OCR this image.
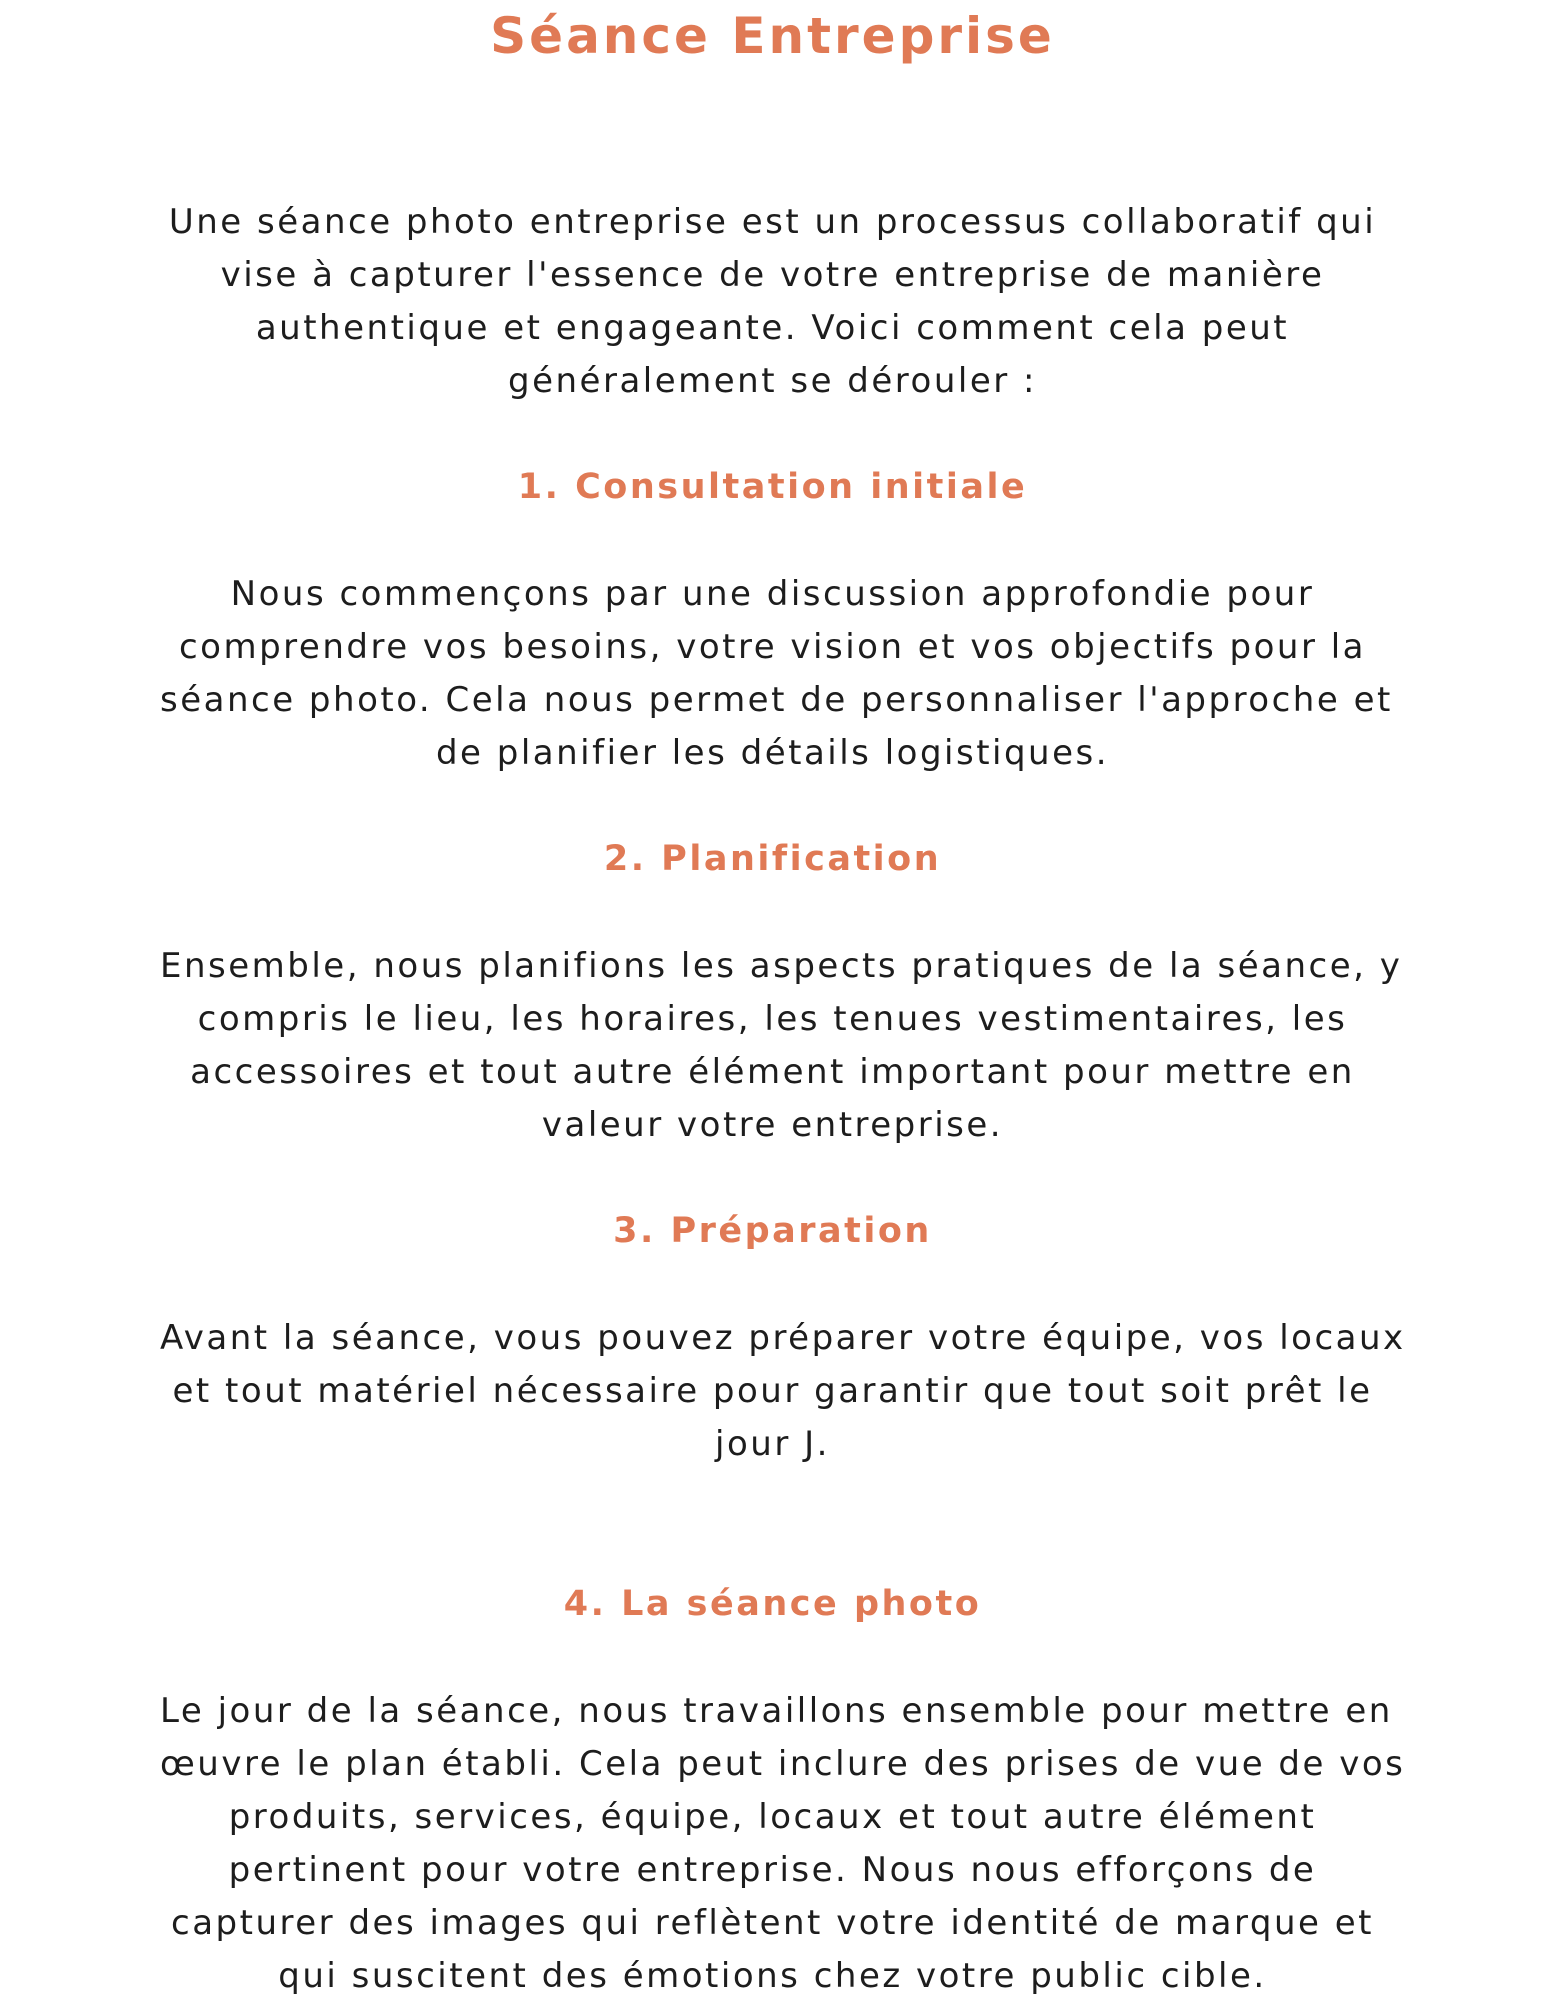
Séance Entreprise

Une séance photo entreprise est un processus collaboratif qui
vise à capturer l'essence de votre entreprise de manière
authentique et engageante. Voici comment cela peut
généralement se dérouler :

1. Consultation initiale

Nous commençons par une discussion approfondie pour
comprendre vos besoins, votre vision et vos objectifs pour la
séance photo. Cela nous permet de personnaliser l'approche et
de planifier les détails logistiques.

2. Planification

Ensemble, nous planifions les aspects pratiques de la séance, y
compris le lieu, les horaires, les tenues vestimentaires, les
accessoires et tout autre élément important pour mettre en
valeur votre entreprise.

3. Préparation

Avant la séance, vous pouvez préparer votre équipe, vos locaux
et tout matériel nécessaire pour garantir que tout soit prêt le
jour J.

4. La séance photo

Le jour de la séance, nous travaillons ensemble pour mettre en
œuvre le plan établi. Cela peut inclure des prises de vue de vos
produits, services, équipe, locaux et tout autre élément
pertinent pour votre entreprise. Nous nous efforçons de
capturer des images qui reflètent votre identité de marque et
qui suscitent des émotions chez votre public cible.
